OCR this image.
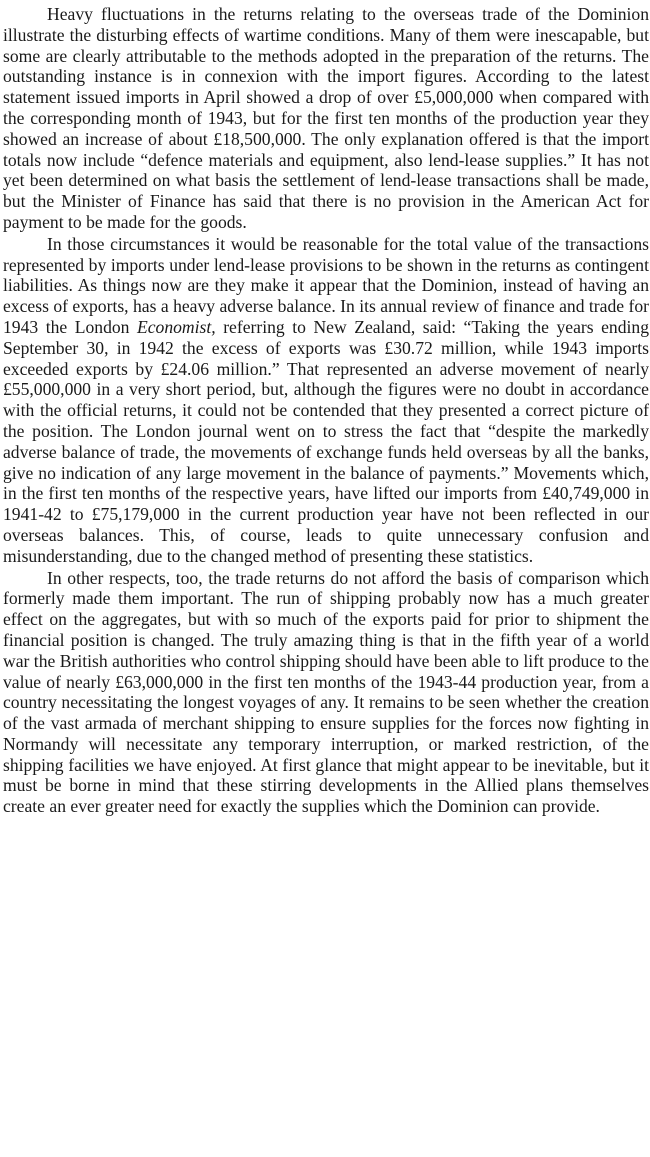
Heavy fluctuations in the returns relating to the overseas trade of the Dominion illustrate the disturbing effects of wartime conditions. Many of them were inescapable, but some are clearly attributable to the methods adopted in the preparation of the returns. The outstanding instance is in connexion with the import figures. According to the latest statement issued imports in April showed a drop of over £5,000,000 when compared with the corresponding month of 1943, but for the first ten months of the production year they showed an increase of about £18,500,000. The only explanation offered is that the import totals now include “defence materials and equipment, also lend-lease supplies.” It has not yet been determined on what basis the settlement of lend-lease transactions shall be made, but the Minister of Finance has said that there is no provision in the American Act for payment to be made for the goods.

In those circumstances it would be reasonable for the total value of the transactions represented by imports under lend-lease provisions to be shown in the returns as contingent liabilities. As things now are they make it appear that the Dominion, instead of having an excess of exports, has a heavy adverse balance. In its annual review of finance and trade for 1943 the London Economist, referring to New Zealand, said: “Taking the years ending September 30, in 1942 the excess of exports was £30.72 million, while 1943 imports exceeded exports by £24.06 million.” That represented an adverse movement of nearly £55,000,000 in a very short period, but, although the figures were no doubt in accordance with the official returns, it could not be contended that they presented a correct picture of the position. The London journal went on to stress the fact that “despite the markedly adverse balance of trade, the movements of exchange funds held overseas by all the banks, give no indication of any large movement in the balance of payments.” Movements which, in the first ten months of the respective years, have lifted our imports from £40,749,000 in 1941-42 to £75,179,000 in the current production year have not been reflected in our overseas balances. This, of course, leads to quite unnecessary confusion and misunderstanding, due to the changed method of presenting these statistics.

In other respects, too, the trade returns do not afford the basis of comparison which formerly made them important. The run of shipping probably now has a much greater effect on the aggregates, but with so much of the exports paid for prior to shipment the financial position is changed. The truly amazing thing is that in the fifth year of a world war the British authorities who control shipping should have been able to lift produce to the value of nearly £63,000,000 in the first ten months of the 1943-44 production year, from a country necessitating the longest voyages of any. It remains to be seen whether the creation of the vast armada of merchant shipping to ensure supplies for the forces now fighting in Normandy will necessitate any temporary interruption, or marked restriction, of the shipping facilities we have enjoyed. At first glance that might appear to be inevitable, but it must be borne in mind that these stirring developments in the Allied plans themselves create an ever greater need for exactly the supplies which the Dominion can provide.
